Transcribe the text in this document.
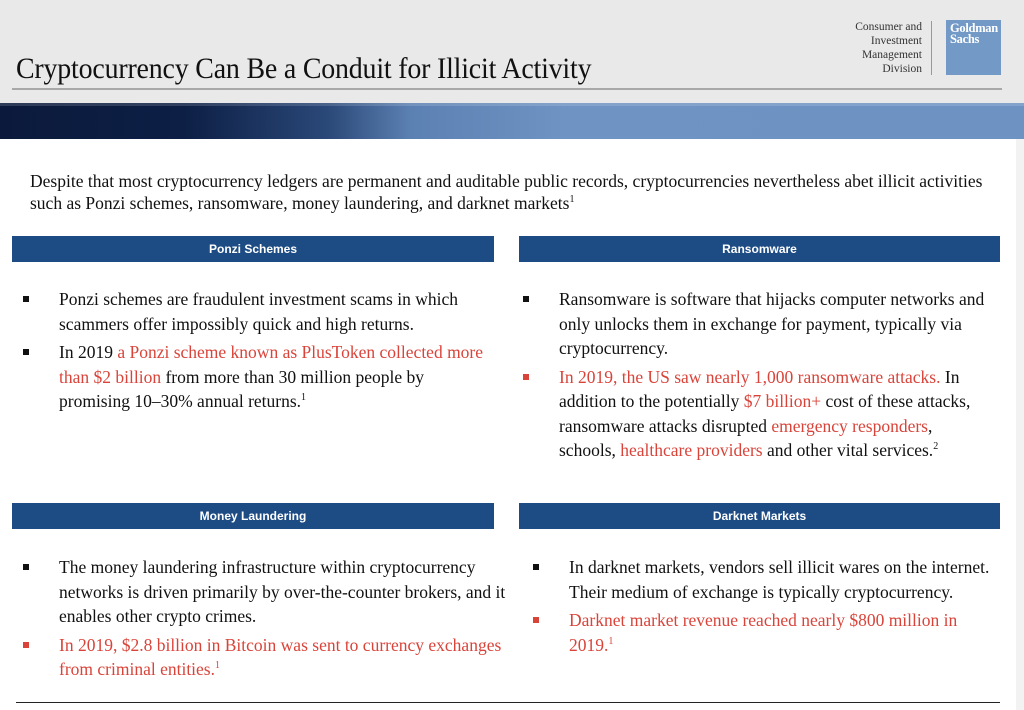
Cryptocurrency Can Be a Conduit for Illicit Activity
Consumer and
Investment
Management
Division
Goldman
Sachs
Despite that most cryptocurrency ledgers are permanent and auditable public records, cryptocurrencies nevertheless abet illicit activities such as Ponzi schemes, ransomware, money laundering, and darknet markets$^1$
Ponzi Schemes
Ponzi schemes are fraudulent investment scams in which scammers offer impossibly quick and high returns.
In 2019 a Ponzi scheme known as PlusToken collected more than $2 billion from more than 30 million people by promising 10–30% annual returns.$^1$
Ransomware
Ransomware is software that hijacks computer networks and only unlocks them in exchange for payment, typically via cryptocurrency.
In 2019, the US saw nearly 1,000 ransomware attacks. In addition to the potentially $7 billion+ cost of these attacks, ransomware attacks disrupted emergency responders, schools, healthcare providers and other vital services.$^2$
Money Laundering
The money laundering infrastructure within cryptocurrency networks is driven primarily by over-the-counter brokers, and it enables other crypto crimes.
In 2019, $2.8 billion in Bitcoin was sent to currency exchanges from criminal entities.$^1$
Darknet Markets
In darknet markets, vendors sell illicit wares on the internet. Their medium of exchange is typically cryptocurrency.
Darknet market revenue reached nearly $800 million in 2019.$^1$
